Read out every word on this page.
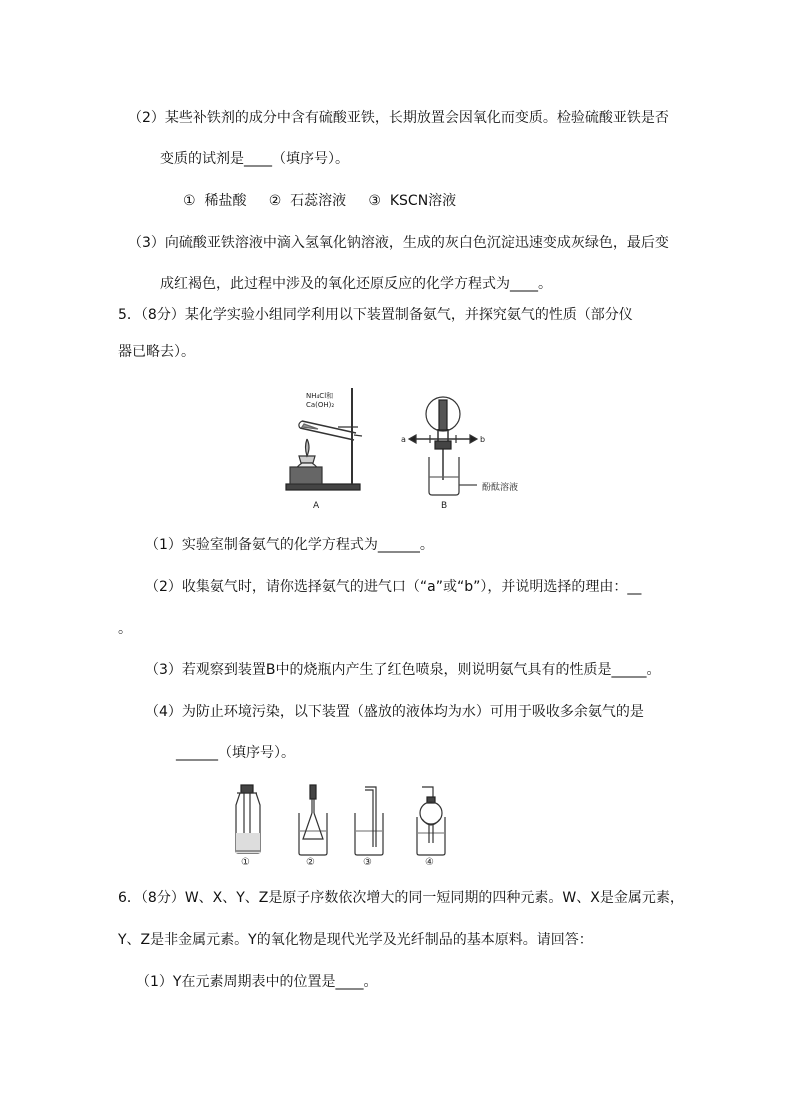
（2）某些补铁剂的成分中含有硫酸亚铁，长期放置会因氧化而变质。检验硫酸亚铁是否
变质的试剂是____（填序号）。
①  稀盐酸     ②  石蕊溶液     ③  KSCN溶液
（3）向硫酸亚铁溶液中滴入氢氧化钠溶液，生成的灰白色沉淀迅速变成灰绿色，最后变
成红褐色，此过程中涉及的氧化还原反应的化学方程式为____。
5．（8分）某化学实验小组同学利用以下装置制备氨气，并探究氨气的性质（部分仪
器已略去）。
NH₄Cl和
Ca(OH)₂
a	b
酚酞溶液
A	B
（1）实验室制备氨气的化学方程式为______。
（2）收集氨气时，请你选择氨气的进气口（“a”或“b”），并说明选择的理由：__
。
（3）若观察到装置B中的烧瓶内产生了红色喷泉，则说明氨气具有的性质是_____。
（4）为防止环境污染，以下装置（盛放的液体均为水）可用于吸收多余氨气的是
______（填序号）。
①	②	③	④
6．（8分）W、X、Y、Z是原子序数依次增大的同一短同期的四种元素。W、X是金属元素，
Y、Z是非金属元素。Y的氧化物是现代光学及光纤制品的基本原料。请回答：
（1）Y在元素周期表中的位置是____。
